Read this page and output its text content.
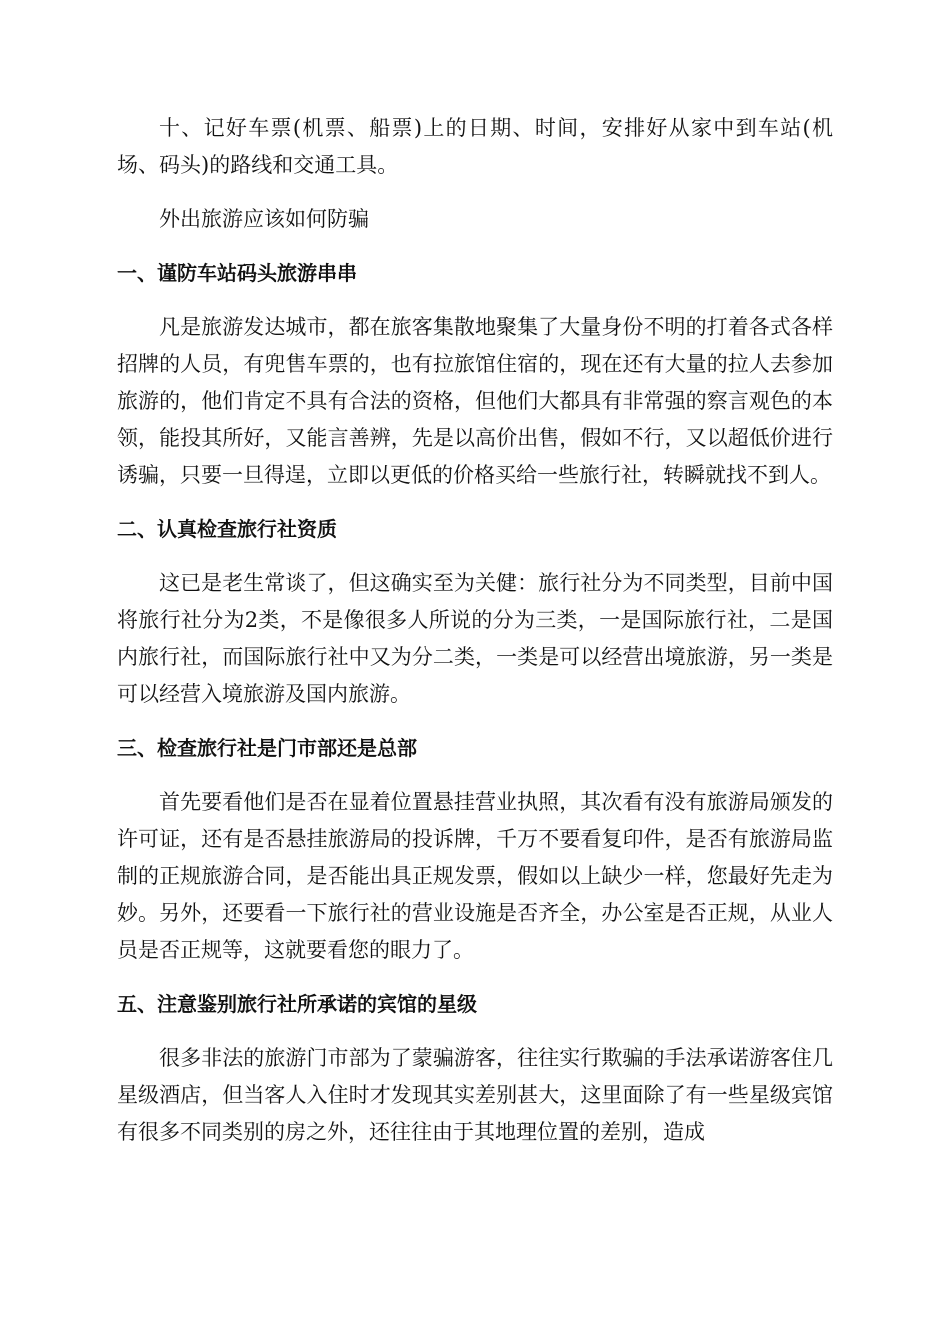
十、记好车票(机票、船票)上的日期、时间，安排好从家中到车站(机场、码头)的路线和交通工具。

外出旅游应该如何防骗

一、谨防车站码头旅游串串

凡是旅游发达城市，都在旅客集散地聚集了大量身份不明的打着各式各样招牌的人员，有兜售车票的，也有拉旅馆住宿的，现在还有大量的拉人去参加旅游的，他们肯定不具有合法的资格，但他们大都具有非常强的察言观色的本领，能投其所好，又能言善辨，先是以高价出售，假如不行，又以超低价进行诱骗，只要一旦得逞，立即以更低的价格买给一些旅行社，转瞬就找不到人。

二、认真检查旅行社资质

这已是老生常谈了，但这确实至为关健：旅行社分为不同类型，目前中国将旅行社分为2类，不是像很多人所说的分为三类，一是国际旅行社，二是国内旅行社，而国际旅行社中又为分二类，一类是可以经营出境旅游，另一类是可以经营入境旅游及国内旅游。

三、检查旅行社是门市部还是总部

首先要看他们是否在显着位置悬挂营业执照，其次看有没有旅游局颁发的许可证，还有是否悬挂旅游局的投诉牌，千万不要看复印件，是否有旅游局监制的正规旅游合同，是否能出具正规发票，假如以上缺少一样，您最好先走为妙。另外，还要看一下旅行社的营业设施是否齐全，办公室是否正规，从业人员是否正规等，这就要看您的眼力了。

五、注意鉴别旅行社所承诺的宾馆的星级

很多非法的旅游门市部为了蒙骗游客，往往实行欺骗的手法承诺游客住几星级酒店，但当客人入住时才发现其实差别甚大，这里面除了有一些星级宾馆有很多不同类别的房之外，还往往由于其地理位置的差别，造成
